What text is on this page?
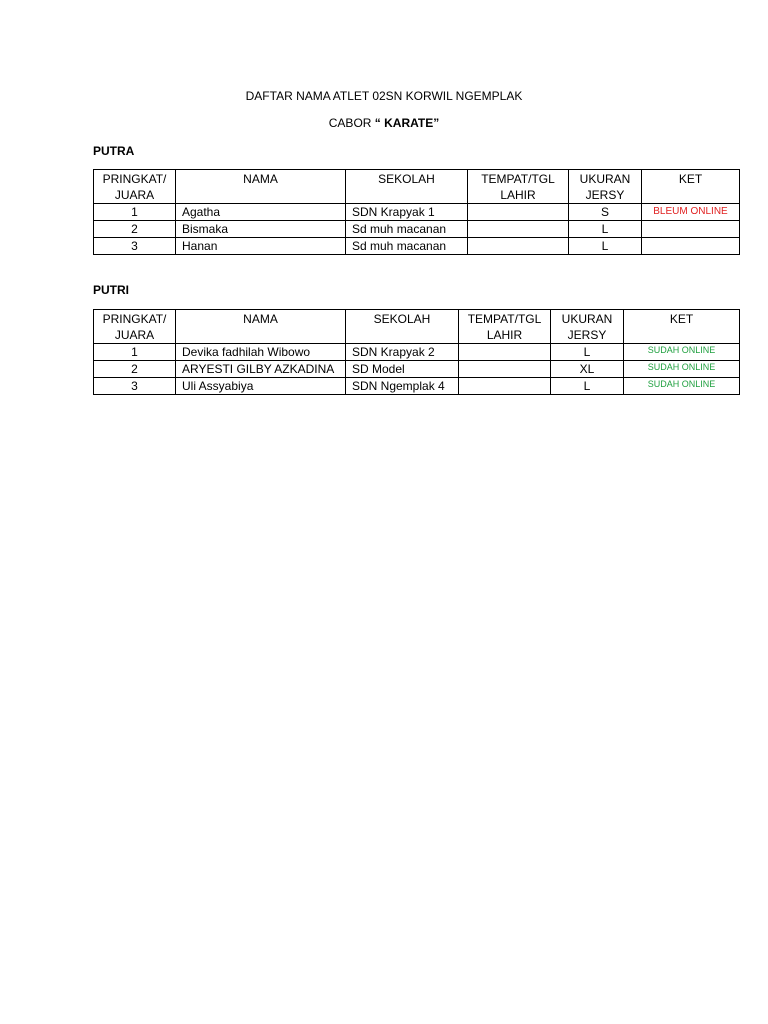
DAFTAR NAMA ATLET 02SN KORWIL NGEMPLAK
CABOR “ KARATE”
PUTRA
PRINGKAT/ JUARA	NAMA	SEKOLAH	TEMPAT/TGL LAHIR	UKURAN JERSY	KET
1	Agatha	SDN Krapyak 1		S	BLEUM ONLINE
2	Bismaka	Sd muh macanan		L	
3	Hanan	Sd muh macanan		L	
PUTRI
PRINGKAT/ JUARA	NAMA	SEKOLAH	TEMPAT/TGL LAHIR	UKURAN JERSY	KET
1	Devika fadhilah Wibowo	SDN Krapyak 2		L	SUDAH ONLINE
2	ARYESTI GILBY AZKADINA	SD Model		XL	SUDAH ONLINE
3	Uli Assyabiya	SDN Ngemplak 4		L	SUDAH ONLINE
